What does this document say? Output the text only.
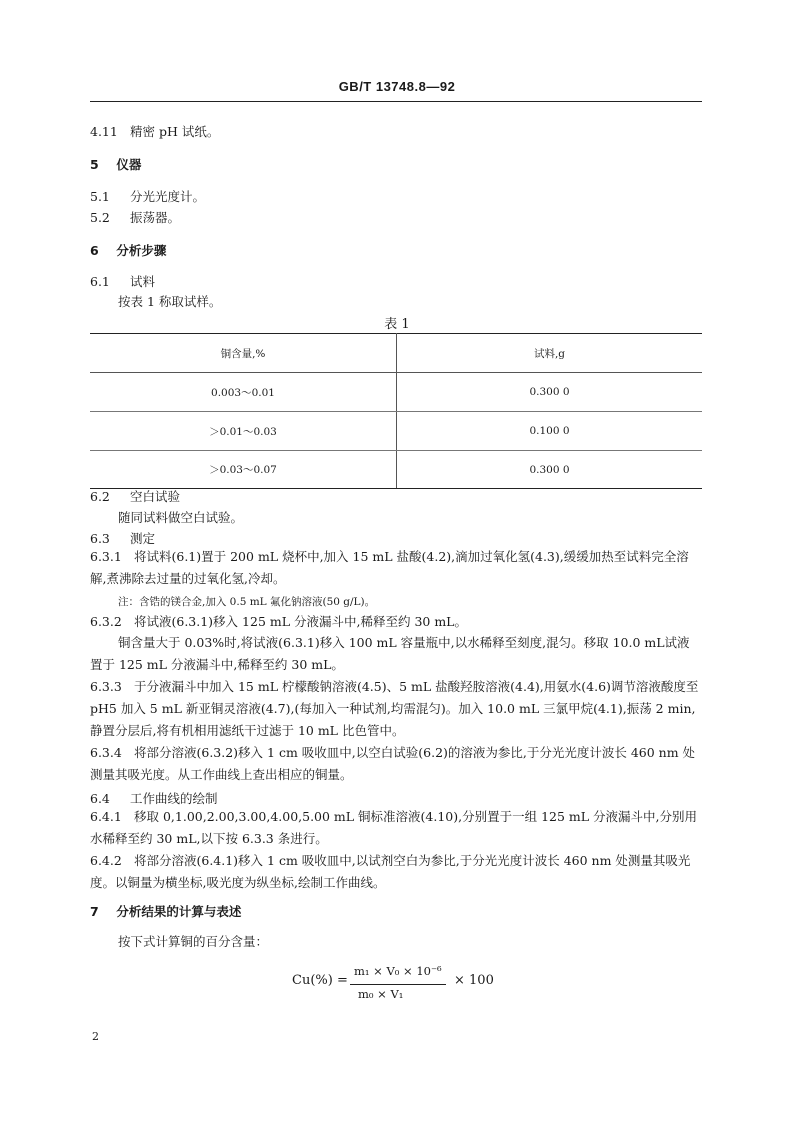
GB/T 13748.8—92
4.11 精密 pH 试纸。
5 仪器
5.1 分光光度计。
5.2 振荡器。
6 分析步骤
6.1 试料
按表 1 称取试样。
表 1
铜含量,%	试料,g
0.003～0.01	0.300 0
＞0.01～0.03	0.100 0
＞0.03～0.07	0.300 0
6.2 空白试验
随同试料做空白试验。
6.3 测定
6.3.1 将试料(6.1)置于 200 mL 烧杯中,加入 15 mL 盐酸(4.2),滴加过氧化氢(4.3),缓缓加热至试料完全溶解,煮沸除去过量的过氧化氢,冷却。
注：含锆的镁合金,加入 0.5 mL 氟化钠溶液(50 g/L)。
6.3.2 将试液(6.3.1)移入 125 mL 分液漏斗中,稀释至约 30 mL。
铜含量大于 0.03%时,将试液(6.3.1)移入 100 mL 容量瓶中,以水稀释至刻度,混匀。移取 10.0 mL试液置于 125 mL 分液漏斗中,稀释至约 30 mL。
6.3.3 于分液漏斗中加入 15 mL 柠檬酸钠溶液(4.5)、5 mL 盐酸羟胺溶液(4.4),用氨水(4.6)调节溶液酸度至 pH5 加入 5 mL 新亚铜灵溶液(4.7),(每加入一种试剂,均需混匀)。加入 10.0 mL 三氯甲烷(4.1),振荡 2 min,静置分层后,将有机相用滤纸干过滤于 10 mL 比色管中。
6.3.4 将部分溶液(6.3.2)移入 1 cm 吸收皿中,以空白试验(6.2)的溶液为参比,于分光光度计波长 460 nm 处测量其吸光度。从工作曲线上查出相应的铜量。
6.4 工作曲线的绘制
6.4.1 移取 0,1.00,2.00,3.00,4.00,5.00 mL 铜标准溶液(4.10),分别置于一组 125 mL 分液漏斗中,分别用水稀释至约 30 mL,以下按 6.3.3 条进行。
6.4.2 将部分溶液(6.4.1)移入 1 cm 吸收皿中,以试剂空白为参比,于分光光度计波长 460 nm 处测量其吸光度。以铜量为横坐标,吸光度为纵坐标,绘制工作曲线。
7 分析结果的计算与表述
按下式计算铜的百分含量：
Cu(%) =
m₁ × V₀ × 10⁻⁶
m₀ × V₁
× 100
2
